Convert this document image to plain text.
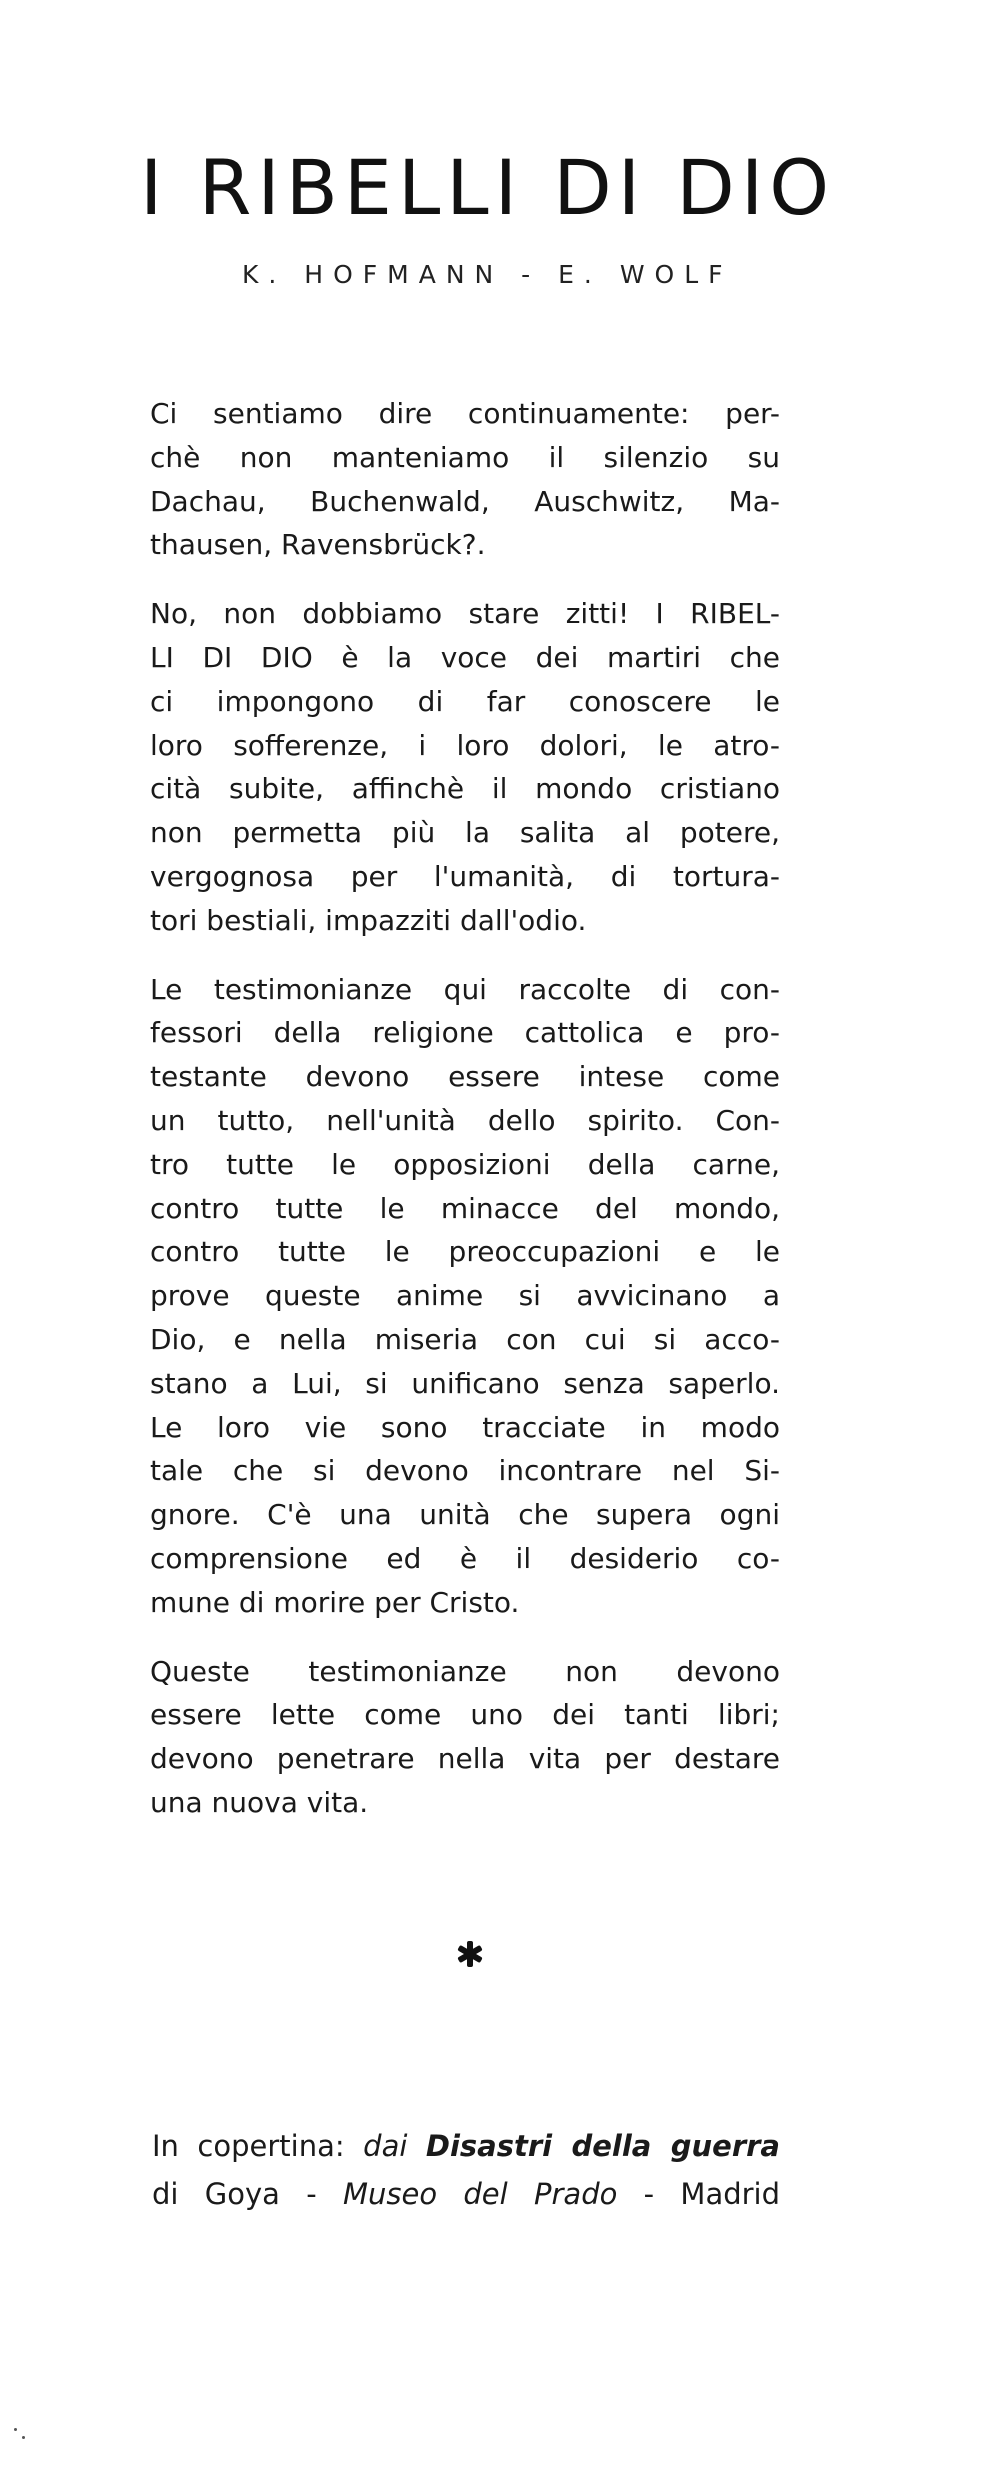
I RIBELLI DI DIO
K. HOFMANN - E. WOLF

Ci sentiamo dire continuamente: per-
chè non manteniamo il silenzio su
Dachau, Buchenwald, Auschwitz, Ma-
thausen, Ravensbrück?.

No, non dobbiamo stare zitti! I RIBEL-
LI DI DIO è la voce dei martiri che
ci impongono di far conoscere le
loro sofferenze, i loro dolori, le atro-
cità subite, affinchè il mondo cristiano
non permetta più la salita al potere,
vergognosa per l'umanità, di tortura-
tori bestiali, impazziti dall'odio.

Le testimonianze qui raccolte di con-
fessori della religione cattolica e pro-
testante devono essere intese come
un tutto, nell'unità dello spirito. Con-
tro tutte le opposizioni della carne,
contro tutte le minacce del mondo,
contro tutte le preoccupazioni e le
prove queste anime si avvicinano a
Dio, e nella miseria con cui si acco-
stano a Lui, si unificano senza saperlo.
Le loro vie sono tracciate in modo
tale che si devono incontrare nel Si-
gnore. C'è una unità che supera ogni
comprensione ed è il desiderio co-
mune di morire per Cristo.

Queste testimonianze non devono
essere lette come uno dei tanti libri;
devono penetrare nella vita per destare
una nuova vita.

In copertina: dai Disastri della guerra
di Goya - Museo del Prado - Madrid
